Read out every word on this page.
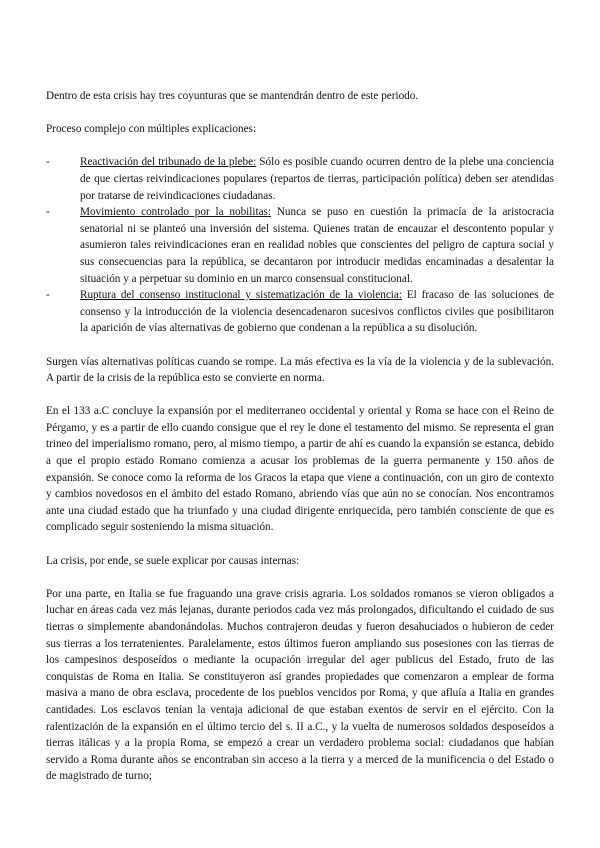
Dentro de esta crisis hay tres coyunturas que se mantendrán dentro de este periodo.

Proceso complejo con múltiples explicaciones:

-	Reactivación del tribunado de la plebe: Sólo es posible cuando ocurren dentro de la plebe una conciencia de que ciertas reivindicaciones populares (repartos de tierras, participación política) deben ser atendidas por tratarse de reivindicaciones ciudadanas.

-	Movimiento controlado por la nobilitas: Nunca se puso en cuestión la primacía de la aristocracia senatorial ni se planteó una inversión del sistema. Quienes tratan de encauzar el descontento popular y asumieron tales reivindicaciones eran en realidad nobles que conscientes del peligro de captura social y sus consecuencias para la república, se decantaron por introducir medidas encaminadas a desalentar la situación y a perpetuar su dominio en un marco consensual constitucional.

-	Ruptura del consenso institucional y sistematización de la violencia: El fracaso de las soluciones de consenso y la introducción de la violencia desencadenaron sucesivos conflictos civiles que posibilitaron la aparición de vías alternativas de gobierno que condenan a la república a su disolución.

Surgen vías alternativas políticas cuando se rompe. La más efectiva es la vía de la violencia y de la sublevación. A partir de la crisis de la república esto se convierte en norma.

En el 133 a.C concluye la expansión por el mediterraneo occidental y oriental y Roma se hace con el Reino de Pérgamo, y es a partir de ello cuando consigue que el rey le done el testamento del mismo. Se representa el gran trineo del imperialismo romano, pero, al mismo tiempo, a partir de ahí es cuando la expansión se estanca, debido a que el propio estado Romano comienza a acusar los problemas de la guerra permanente y 150 años de expansión. Se conoce como la reforma de los Gracos la etapa que viene a continuación, con un giro de contexto y cambios novedosos en el ámbito del estado Romano, abriendo vías que aún no se conocían. Nos encontramos ante una ciudad estado que ha triunfado y una ciudad dirigente enriquecida, pero también consciente de que es complicado seguir sosteniendo la misma situación.

La crisis, por ende, se suele explicar por causas internas:

Por una parte, en Italia se fue fraguando una grave crisis agraria. Los soldados romanos se vieron obligados a luchar en áreas cada vez más lejanas, durante periodos cada vez más prolongados, dificultando el cuidado de sus tierras o simplemente abandonándolas. Muchos contrajeron deudas y fueron desahuciados o hubieron de ceder sus tierras a los terratenientes. Paralelamente, estos últimos fueron ampliando sus posesiones con las tierras de los campesinos desposeídos o mediante la ocupación irregular del ager publicus del Estado, fruto de las conquistas de Roma en Italia. Se constituyeron así grandes propiedades que comenzaron a emplear de forma masiva a mano de obra esclava, procedente de los pueblos vencidos por Roma, y que afluía a Italia en grandes cantidades. Los esclavos tenían la ventaja adicional de que estaban exentos de servir en el ejército. Con la ralentización de la expansión en el último tercio del s. II a.C., y la vuelta de numerosos soldados desposeídos a tierras itálicas y a la propia Roma, se empezó a crear un verdadero problema social: ciudadanos que habían servido a Roma durante años se encontraban sin acceso a la tierra y a merced de la munificencia o del Estado o de magistrado de turno;
